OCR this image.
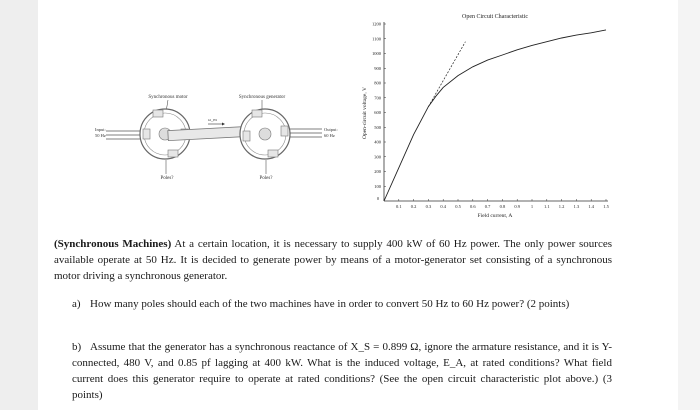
Synchronous motor	Synchronous generator
Input:
50 Hz
ω_m
Output:
60 Hz
Poles?	Poles?
Open Circuit Characteristic
Field current, A
Open-circuit voltage, V
0
0.1 0.2 0.3 0.4 0.5 0.6 0.7 0.8 0.9 1 1.1 1.2 1.3 1.4 1.5
100
200
300
400
500
600
700
800
900
1000
1100
1200
(Synchronous Machines) At a certain location, it is necessary to supply 400 kW of 60 Hz power. The only power sources available operate at 50 Hz. It is decided to generate power by means of a motor-generator set consisting of a synchronous motor driving a synchronous generator.
a) How many poles should each of the two machines have in order to convert 50 Hz to 60 Hz power? (2 points)
b) Assume that the generator has a synchronous reactance of X_S = 0.899 Ω, ignore the armature resistance, and it is Y-connected, 480 V, and 0.85 pf lagging at 400 kW. What is the induced voltage, E_A, at rated conditions? What field current does this generator require to operate at rated conditions? (See the open circuit characteristic plot above.) (3 points)
